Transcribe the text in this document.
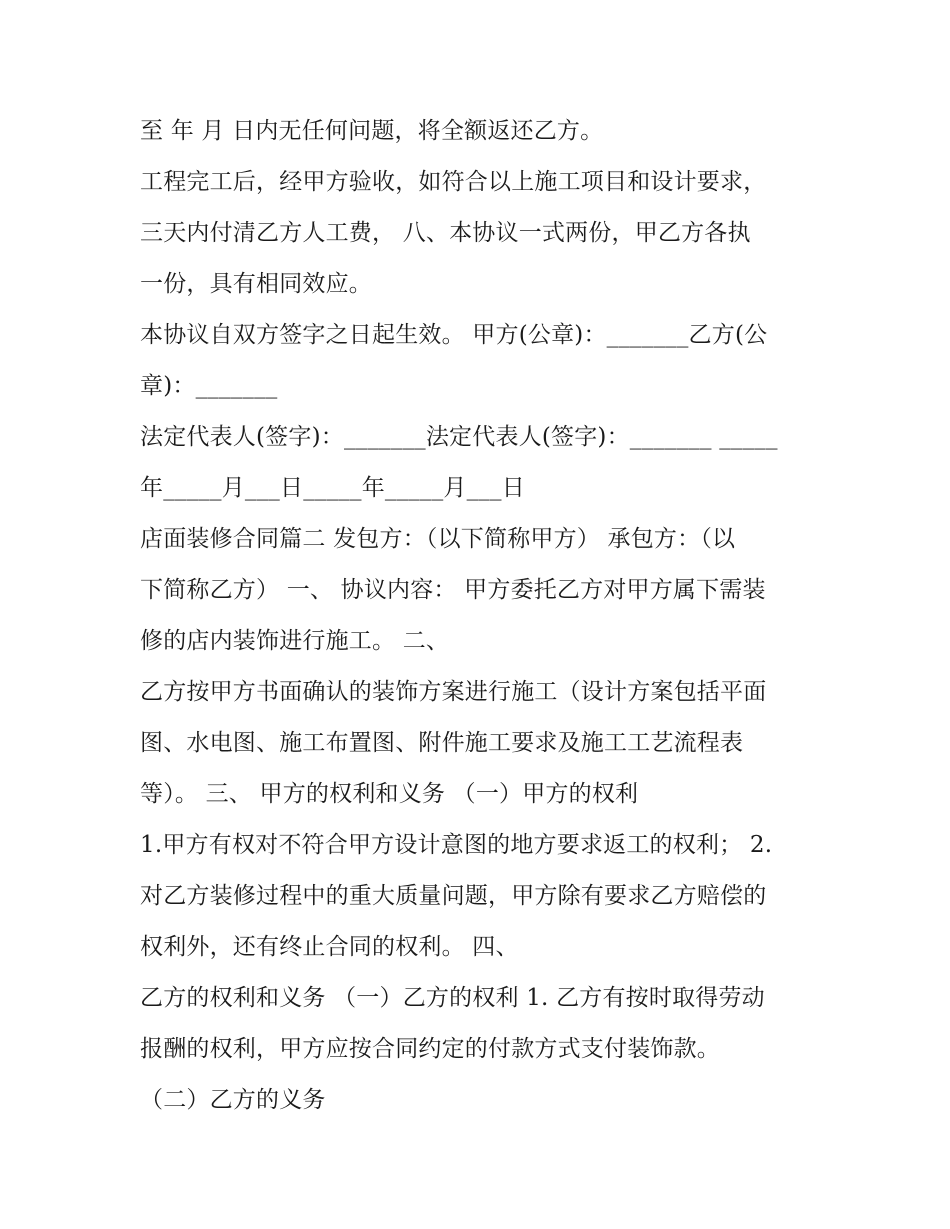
至 年 月 日内无任何问题，将全额返还乙方。
工程完工后，经甲方验收，如符合以上施工项目和设计要求，
三天内付清乙方人工费， 八、本协议一式两份，甲乙方各执
一份，具有相同效应。
本协议自双方签字之日起生效。 甲方(公章)：_______乙方(公
章)：_______
法定代表人(签字)：_______法定代表人(签字)：_______ _____
年_____月___日_____年_____月___日
店面装修合同篇二 发包方：（以下简称甲方） 承包方：（以
下简称乙方） 一、 协议内容： 甲方委托乙方对甲方属下需装
修的店内装饰进行施工。 二、
乙方按甲方书面确认的装饰方案进行施工（设计方案包括平面
图、水电图、施工布置图、附件施工要求及施工工艺流程表
等）。 三、 甲方的权利和义务 （一）甲方的权利
1.甲方有权对不符合甲方设计意图的地方要求返工的权利； 2.
对乙方装修过程中的重大质量问题，甲方除有要求乙方赔偿的
权利外，还有终止合同的权利。 四、
乙方的权利和义务 （一）乙方的权利 1. 乙方有按时取得劳动
报酬的权利，甲方应按合同约定的付款方式支付装饰款。
（二）乙方的义务
